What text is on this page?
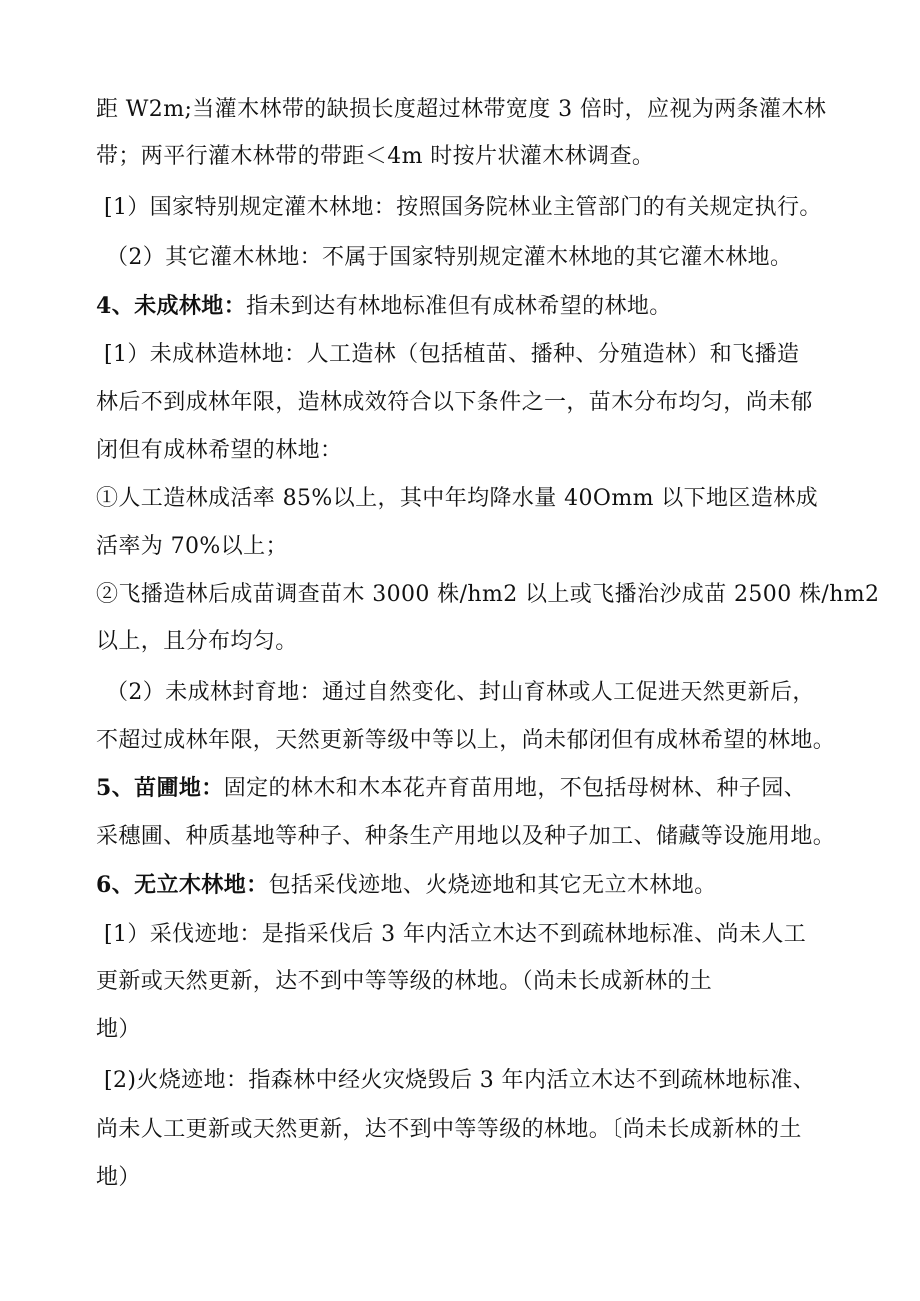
距 W2m;当灌木林带的缺损长度超过林带宽度 3 倍时，应视为两条灌木林
带；两平行灌木林带的带距＜4m 时按片状灌木林调查。
[1）国家特别规定灌木林地：按照国务院林业主管部门的有关规定执行。
（2）其它灌木林地：不属于国家特别规定灌木林地的其它灌木林地。
4、未成林地：指未到达有林地标准但有成林希望的林地。
[1）未成林造林地：人工造林（包括植苗、播种、分殖造林）和飞播造
林后不到成林年限，造林成效符合以下条件之一，苗木分布均匀，尚未郁
闭但有成林希望的林地：
①人工造林成活率 85%以上，其中年均降水量 40Omm 以下地区造林成
活率为 70%以上；
②飞播造林后成苗调查苗木 3000 株/hm2 以上或飞播治沙成苗 2500 株/hm2
以上，且分布均匀。
（2）未成林封育地：通过自然变化、封山育林或人工促进天然更新后，
不超过成林年限，天然更新等级中等以上，尚未郁闭但有成林希望的林地。
5、苗圃地：固定的林木和木本花卉育苗用地，不包括母树林、种子园、
采穗圃、种质基地等种子、种条生产用地以及种子加工、储藏等设施用地。
6、无立木林地：包括采伐迹地、火烧迹地和其它无立木林地。
[1）采伐迹地：是指采伐后 3 年内活立木达不到疏林地标准、尚未人工
更新或天然更新，达不到中等等级的林地。（尚未长成新林的土
地）
[2)火烧迹地：指森林中经火灾烧毁后 3 年内活立木达不到疏林地标准、
尚未人工更新或天然更新，达不到中等等级的林地。〔尚未长成新林的土
地）
